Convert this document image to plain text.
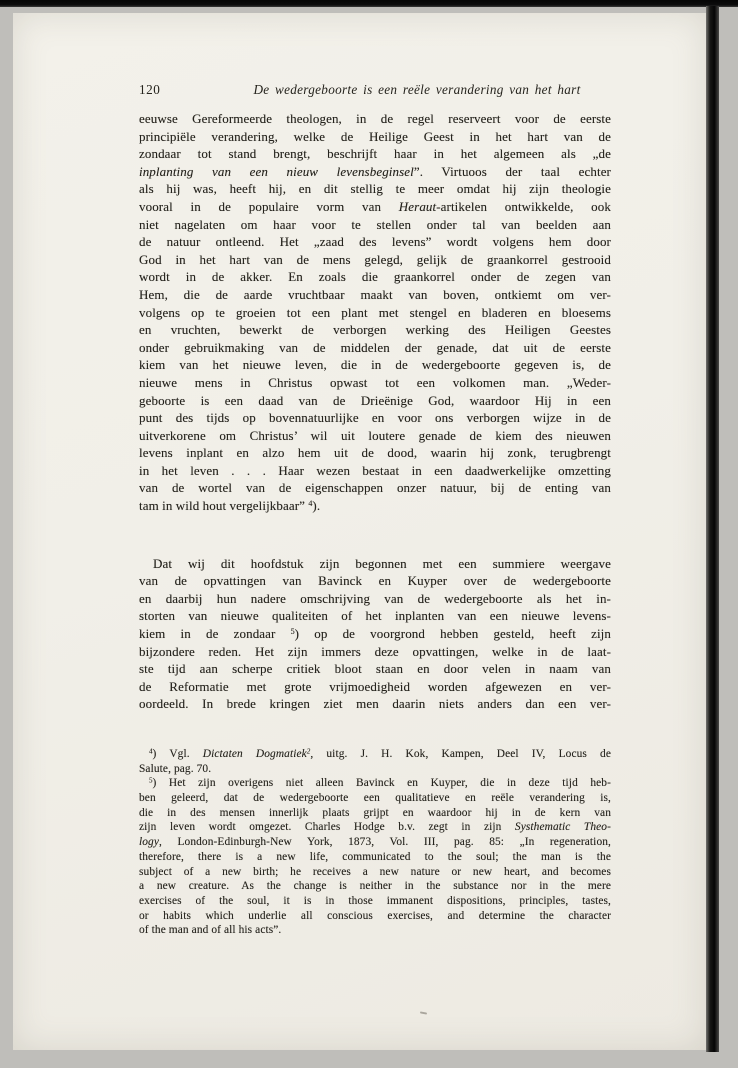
120	De wedergeboorte is een reële verandering van het hart
eeuwse Gereformeerde theologen, in de regel reserveert voor de eerste
principiële verandering, welke de Heilige Geest in het hart van de
zondaar tot stand brengt, beschrijft haar in het algemeen als „de
inplanting van een nieuw levensbeginsel”. Virtuoos der taal echter
als hij was, heeft hij, en dit stellig te meer omdat hij zijn theologie
vooral in de populaire vorm van Heraut-artikelen ontwikkelde, ook
niet nagelaten om haar voor te stellen onder tal van beelden aan
de natuur ontleend. Het „zaad des levens” wordt volgens hem door
God in het hart van de mens gelegd, gelijk de graankorrel gestrooid
wordt in de akker. En zoals die graankorrel onder de zegen van
Hem, die de aarde vruchtbaar maakt van boven, ontkiemt om ver-
volgens op te groeien tot een plant met stengel en bladeren en bloesems
en vruchten, bewerkt de verborgen werking des Heiligen Geestes
onder gebruikmaking van de middelen der genade, dat uit de eerste
kiem van het nieuwe leven, die in de wedergeboorte gegeven is, de
nieuwe mens in Christus opwast tot een volkomen man. „Weder-
geboorte is een daad van de Drieënige God, waardoor Hij in een
punt des tijds op bovennatuurlijke en voor ons verborgen wijze in de
uitverkorene om Christus’ wil uit loutere genade de kiem des nieuwen
levens inplant en alzo hem uit de dood, waarin hij zonk, terugbrengt
in het leven . . . Haar wezen bestaat in een daadwerkelijke omzetting
van de wortel van de eigenschappen onzer natuur, bij de enting van
tam in wild hout vergelijkbaar” $^4$).
Dat wij dit hoofdstuk zijn begonnen met een summiere weergave
van de opvattingen van Bavinck en Kuyper over de wedergeboorte
en daarbij hun nadere omschrijving van de wedergeboorte als het in-
storten van nieuwe qualiteiten of het inplanten van een nieuwe levens-
kiem in de zondaar $^5$) op de voorgrond hebben gesteld, heeft zijn
bijzondere reden. Het zijn immers deze opvattingen, welke in de laat-
ste tijd aan scherpe critiek bloot staan en door velen in naam van
de Reformatie met grote vrijmoedigheid worden afgewezen en ver-
oordeeld. In brede kringen ziet men daarin niets anders dan een ver-
$^4$) Vgl. Dictaten Dogmatiek$^2$, uitg. J. H. Kok, Kampen, Deel IV, Locus de
Salute, pag. 70.
$^5$) Het zijn overigens niet alleen Bavinck en Kuyper, die in deze tijd heb-
ben geleerd, dat de wedergeboorte een qualitatieve en reële verandering is,
die in des mensen innerlijk plaats grijpt en waardoor hij in de kern van
zijn leven wordt omgezet. Charles Hodge b.v. zegt in zijn Systhematic Theo-
logy, London-Edinburgh-New York, 1873, Vol. III, pag. 85: „In regeneration,
therefore, there is a new life, communicated to the soul; the man is the
subject of a new birth; he receives a new nature or new heart, and becomes
a new creature. As the change is neither in the substance nor in the mere
exercises of the soul, it is in those immanent dispositions, principles, tastes,
or habits which underlie all conscious exercises, and determine the character
of the man and of all his acts”.
